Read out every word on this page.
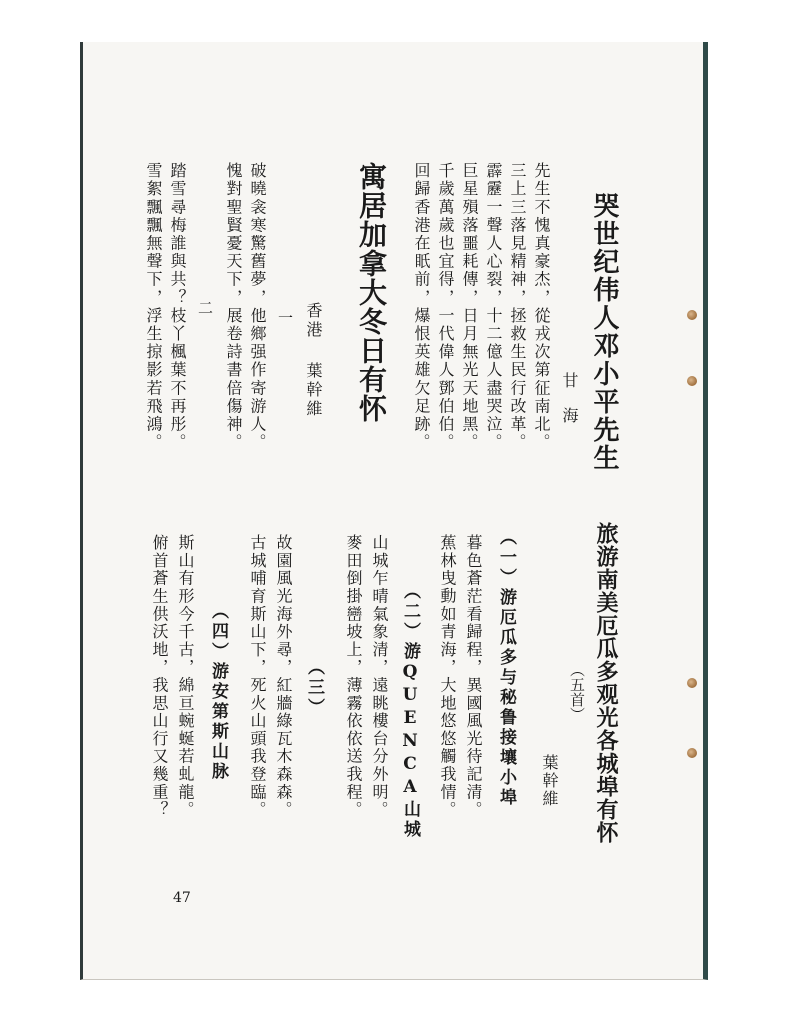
哭世纪伟人邓小平先生
甘 海
先生不愧真豪杰，從戎次第征南北。
三上三落見精神，拯救生民行改革。
霹靂一聲人心裂，十二億人盡哭泣。
巨星殞落噩耗傳，日月無光天地黑。
千歲萬歲也宜得，一代偉人鄧伯伯。
回歸香港在眂前，爆恨英雄欠足跡。
寓居加拿大冬日有怀
香港 葉幹維
一
破曉衾寒驚舊夢，他鄉强作寄游人。
愧對聖賢憂天下，展卷詩書倍傷神。
二
踏雪尋梅誰與共？枝丫楓葉不再彤。
雪絮飄飄無聲下，浮生掠影若飛鴻。
旅游南美厄瓜多观光各城埠有怀
（五首）
葉幹維
（一）游厄瓜多与秘鲁接壤小埠
暮色蒼茫看歸程，異國風光待記清。
蕉林曳動如青海，大地悠悠觸我情。
（二）游QUENCA山城
山城乍晴氣象清，遠眺樓台分外明。
麥田倒掛巒坡上，薄霧依依送我程。
（三）
故園風光海外尋，紅牆綠瓦木森森。
古城哺育斯山下，死火山頭我登臨。
（四）游安第斯山脉
斯山有形今千古，綿亘蜿蜒若虬龍。
俯首蒼生供沃地，我思山行又幾重？
47
